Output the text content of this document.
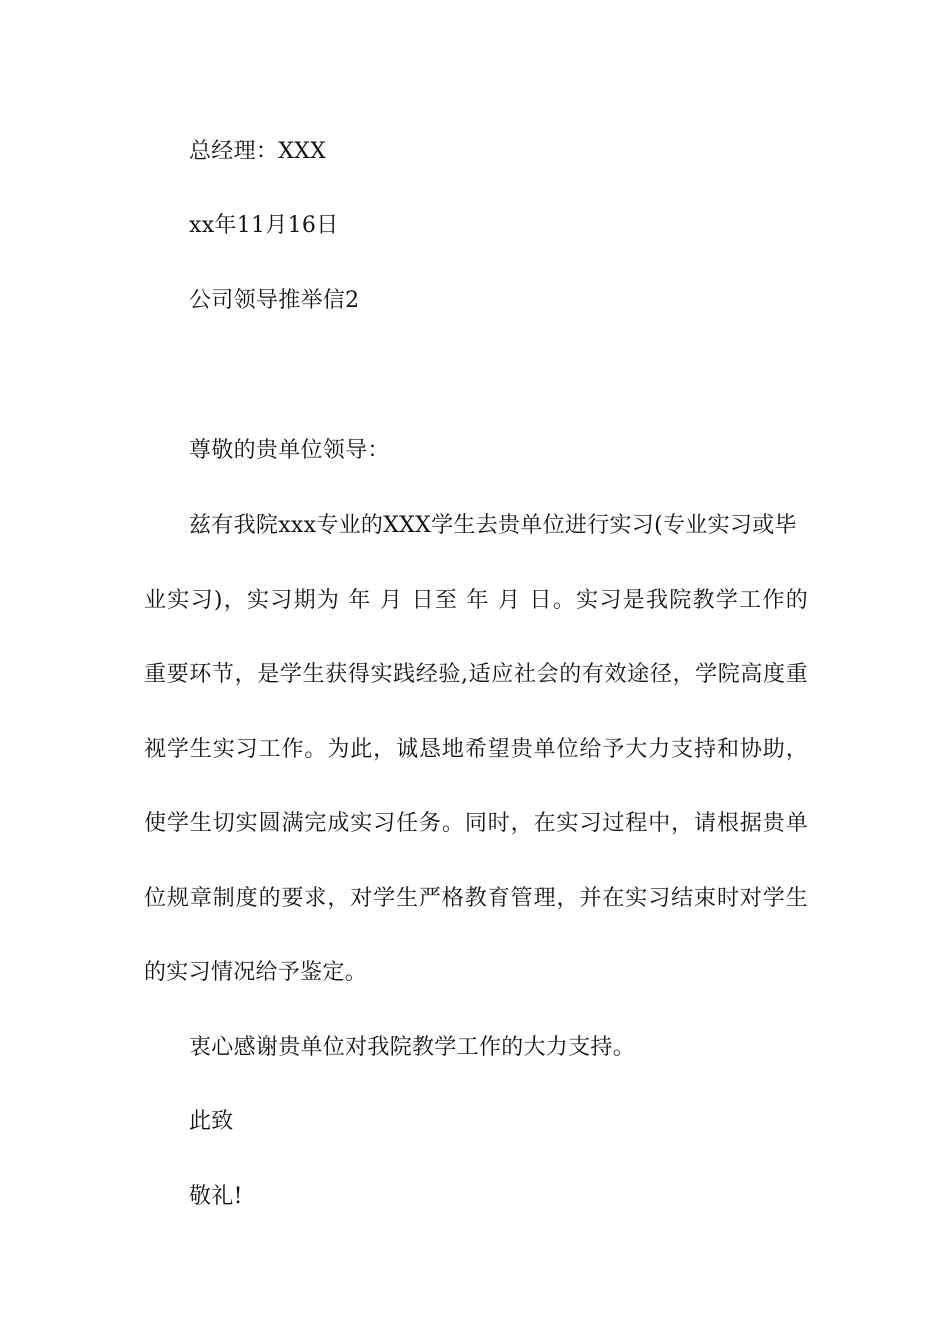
总经理：XXX
xx年11月16日
公司领导推举信2
尊敬的贵单位领导：
兹有我院xxx专业的XXX学生去贵单位进行实习(专业实习或毕
业实习)，实习期为 年 月 日至 年 月 日。实习是我院教学工作的
重要环节，是学生获得实践经验,适应社会的有效途径，学院高度重
视学生实习工作。为此，诚恳地希望贵单位给予大力支持和协助，
使学生切实圆满完成实习任务。同时，在实习过程中，请根据贵单
位规章制度的要求，对学生严格教育管理，并在实习结束时对学生
的实习情况给予鉴定。
衷心感谢贵单位对我院教学工作的大力支持。
此致
敬礼!
